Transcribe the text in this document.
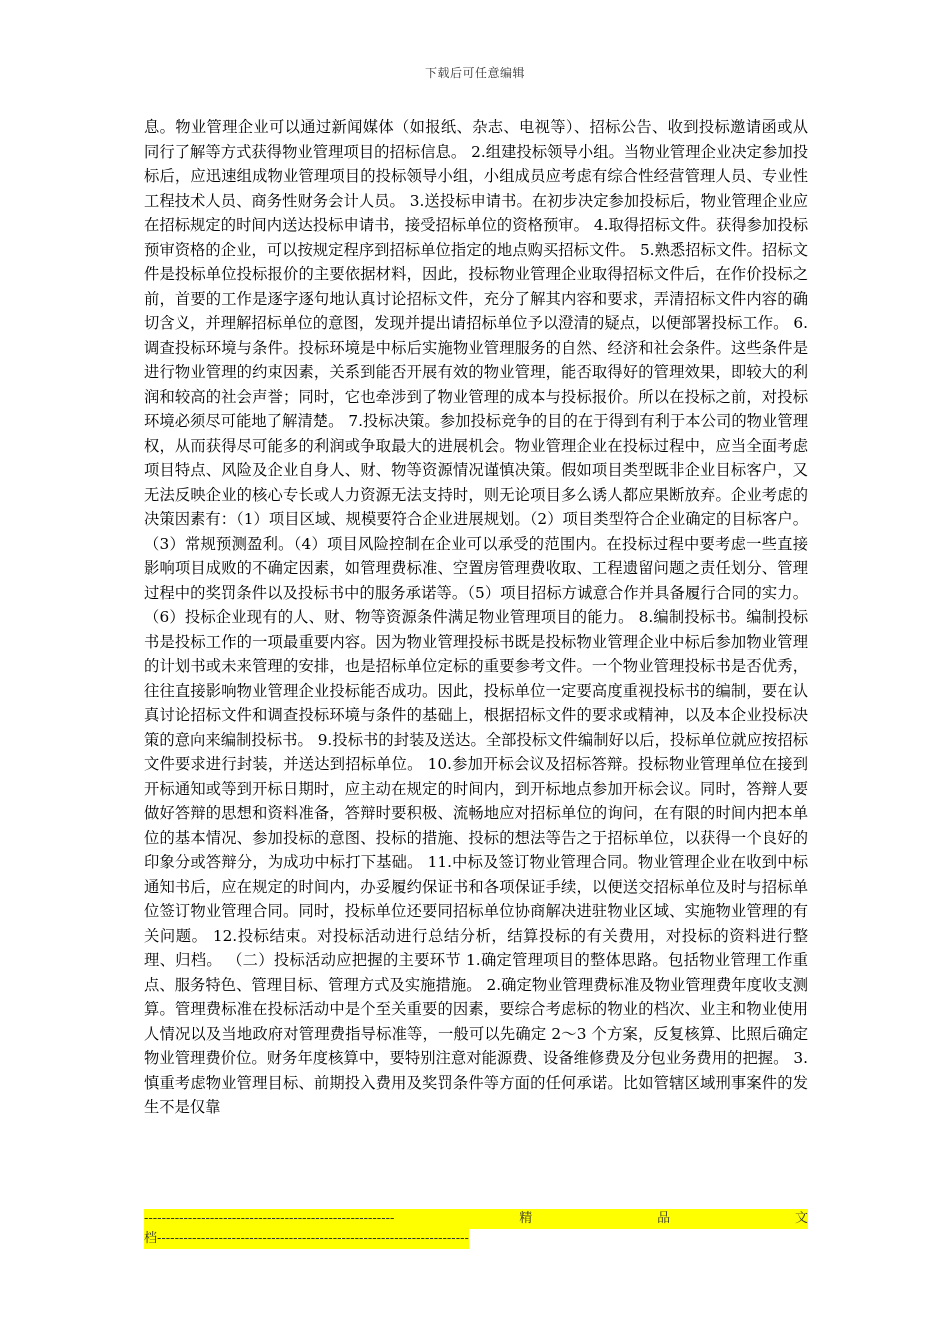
下载后可任意编辑

息。物业管理企业可以通过新闻媒体（如报纸、杂志、电视等）、招标公告、收到投标邀请函或从同行了解等方式获得物业管理项目的招标信息。 2.组建投标领导小组。当物业管理企业决定参加投标后，应迅速组成物业管理项目的投标领导小组，小组成员应考虑有综合性经营管理人员、专业性工程技术人员、商务性财务会计人员。 3.送投标申请书。在初步决定参加投标后，物业管理企业应在招标规定的时间内送达投标申请书，接受招标单位的资格预审。 4.取得招标文件。获得参加投标预审资格的企业，可以按规定程序到招标单位指定的地点购买招标文件。 5.熟悉招标文件。招标文件是投标单位投标报价的主要依据材料，因此，投标物业管理企业取得招标文件后，在作价投标之前，首要的工作是逐字逐句地认真讨论招标文件，充分了解其内容和要求，弄清招标文件内容的确切含义，并理解招标单位的意图，发现并提出请招标单位予以澄清的疑点，以便部署投标工作。 6.调查投标环境与条件。投标环境是中标后实施物业管理服务的自然、经济和社会条件。这些条件是进行物业管理的约束因素，关系到能否开展有效的物业管理，能否取得好的管理效果，即较大的利润和较高的社会声誉；同时，它也牵涉到了物业管理的成本与投标报价。所以在投标之前，对投标环境必须尽可能地了解清楚。 7.投标决策。参加投标竞争的目的在于得到有利于本公司的物业管理权，从而获得尽可能多的利润或争取最大的进展机会。物业管理企业在投标过程中，应当全面考虑项目特点、风险及企业自身人、财、物等资源情况谨慎决策。假如项目类型既非企业目标客户，又无法反映企业的核心专长或人力资源无法支持时，则无论项目多么诱人都应果断放弃。企业考虑的决策因素有：（1）项目区域、规模要符合企业进展规划。（2）项目类型符合企业确定的目标客户。（3）常规预测盈利。（4）项目风险控制在企业可以承受的范围内。在投标过程中要考虑一些直接影响项目成败的不确定因素，如管理费标准、空置房管理费收取、工程遗留问题之责任划分、管理过程中的奖罚条件以及投标书中的服务承诺等。（5）项目招标方诚意合作并具备履行合同的实力。（6）投标企业现有的人、财、物等资源条件满足物业管理项目的能力。 8.编制投标书。编制投标书是投标工作的一项最重要内容。因为物业管理投标书既是投标物业管理企业中标后参加物业管理的计划书或未来管理的安排，也是招标单位定标的重要参考文件。一个物业管理投标书是否优秀，往往直接影响物业管理企业投标能否成功。因此，投标单位一定要高度重视投标书的编制，要在认真讨论招标文件和调查投标环境与条件的基础上，根据招标文件的要求或精神，以及本企业投标决策的意向来编制投标书。 9.投标书的封装及送达。全部投标文件编制好以后，投标单位就应按招标文件要求进行封装，并送达到招标单位。 10.参加开标会议及招标答辩。投标物业管理单位在接到开标通知或等到开标日期时，应主动在规定的时间内，到开标地点参加开标会议。同时，答辩人要做好答辩的思想和资料准备，答辩时要积极、流畅地应对招标单位的询问，在有限的时间内把本单位的基本情况、参加投标的意图、投标的措施、投标的想法等告之于招标单位，以获得一个良好的印象分或答辩分，为成功中标打下基础。 11.中标及签订物业管理合同。物业管理企业在收到中标通知书后，应在规定的时间内，办妥履约保证书和各项保证手续，以便送交招标单位及时与招标单位签订物业管理合同。同时，投标单位还要同招标单位协商解决进驻物业区域、实施物业管理的有关问题。 12.投标结束。对投标活动进行总结分析，结算投标的有关费用，对投标的资料进行整理、归档。 （二）投标活动应把握的主要环节 1.确定管理项目的整体思路。包括物业管理工作重点、服务特色、管理目标、管理方式及实施措施。 2.确定物业管理费标准及物业管理费年度收支测算。管理费标准在投标活动中是个至关重要的因素，要综合考虑标的物业的档次、业主和物业使用人情况以及当地政府对管理费指导标准等，一般可以先确定 2～3 个方案，反复核算、比照后确定物业管理费价位。财务年度核算中，要特别注意对能源费、设备维修费及分包业务费用的把握。 3.慎重考虑物业管理目标、前期投入费用及奖罚条件等方面的任何承诺。比如管辖区域刑事案件的发生不是仅靠

---------------------------------------------------------	精	品	文
档-----------------------------------------------------------------------
